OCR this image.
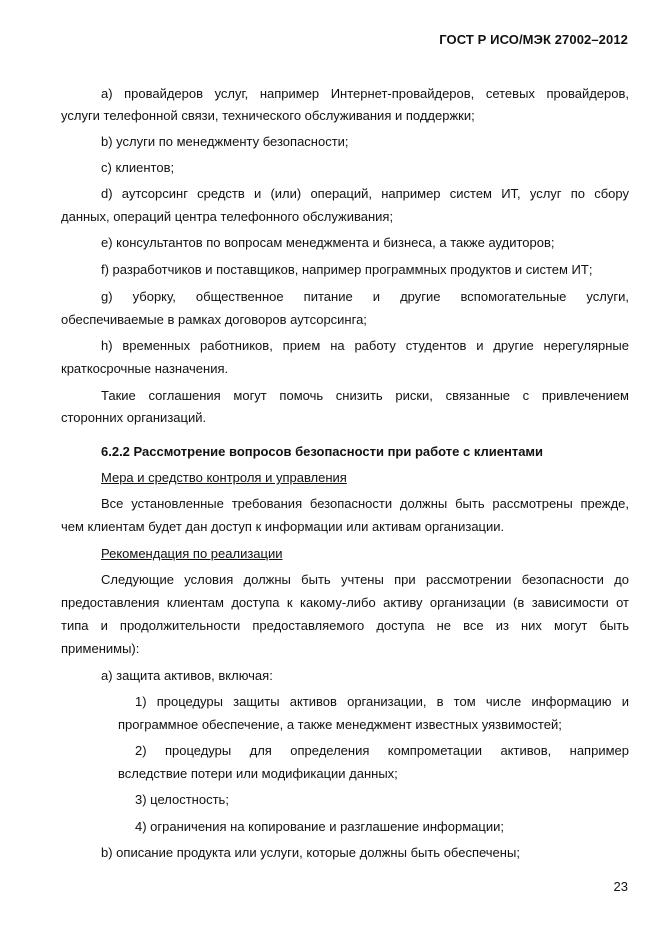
ГОСТ Р ИСО/МЭК 27002–2012
a) провайдеров услуг, например Интернет-провайдеров, сетевых провайдеров,
услуги телефонной связи, технического обслуживания и поддержки;
b) услуги по менеджменту безопасности;
c) клиентов;
d) аутсорсинг средств и (или) операций, например систем ИТ, услуг по сбору
данных, операций центра телефонного обслуживания;
e) консультантов по вопросам менеджмента и бизнеса, а также аудиторов;
f) разработчиков и поставщиков, например программных продуктов и систем ИТ;
g) уборку, общественное питание и другие вспомогательные услуги,
обеспечиваемые в рамках договоров аутсорсинга;
h) временных работников, прием на работу студентов и другие нерегулярные
краткосрочные назначения.
Такие соглашения могут помочь снизить риски, связанные с привлечением
сторонних организаций.
6.2.2 Рассмотрение вопросов безопасности при работе с клиентами
Мера и средство контроля и управления
Все установленные требования безопасности должны быть рассмотрены прежде,
чем клиентам будет дан доступ к информации или активам организации.
Рекомендация по реализации
Следующие условия должны быть учтены при рассмотрении безопасности до
предоставления клиентам доступа к какому-либо активу организации (в зависимости от
типа и продолжительности предоставляемого доступа не все из них могут быть
применимы):
a) защита активов, включая:
1) процедуры защиты активов организации, в том числе информацию и
программное обеспечение, а также менеджмент известных уязвимостей;
2) процедуры для определения компрометации активов, например
вследствие потери или модификации данных;
3) целостность;
4) ограничения на копирование и разглашение информации;
b) описание продукта или услуги, которые должны быть обеспечены;
23
